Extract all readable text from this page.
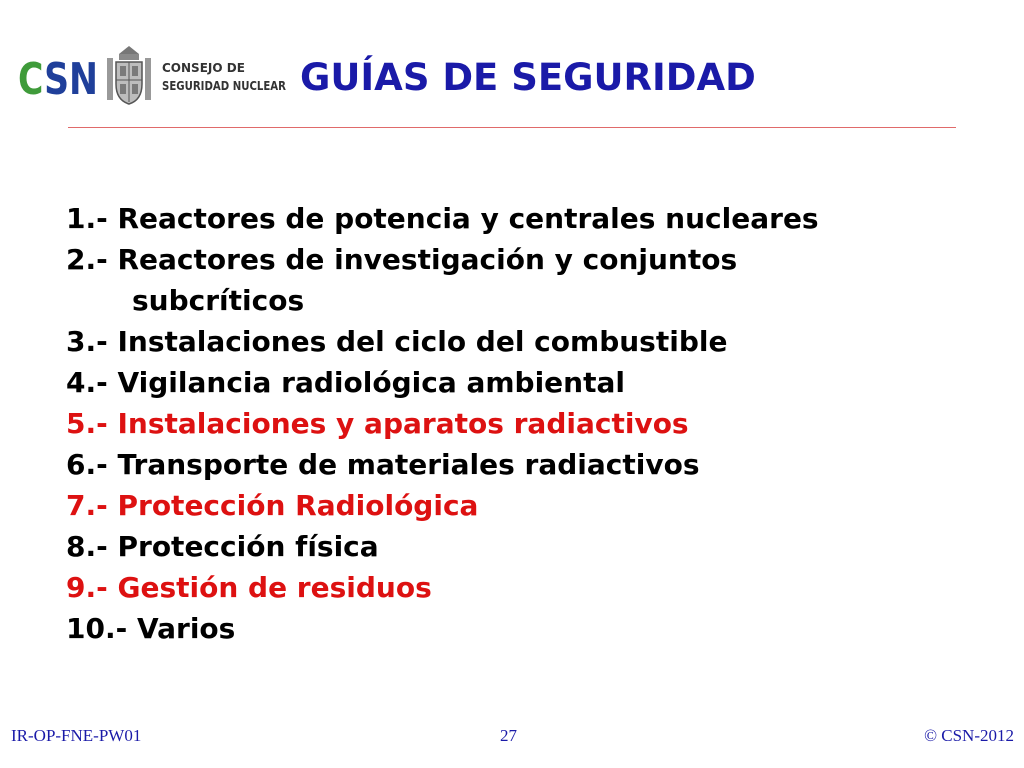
CSN	CONSEJO DE
SEGURIDAD NUCLEAR GUÍAS DE SEGURIDAD
1.- Reactores de potencia y centrales nucleares
2.- Reactores de investigación y conjuntos
subcríticos
3.- Instalaciones del ciclo del combustible
4.- Vigilancia radiológica ambiental
5.- Instalaciones y aparatos radiactivos
6.- Transporte de materiales radiactivos
7.- Protección Radiológica
8.- Protección física
9.- Gestión de residuos
10.- Varios
IR-OP-FNE-PW01	27	© CSN-2012
